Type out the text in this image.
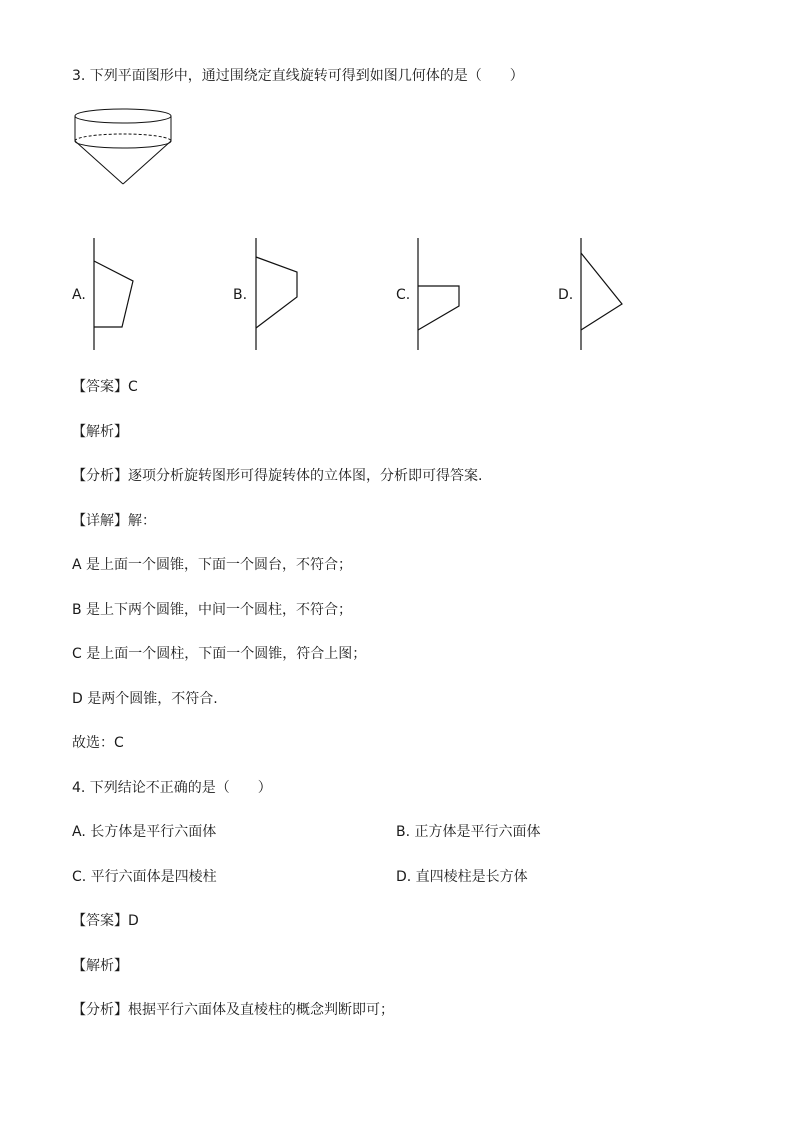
3. 下列平面图形中，通过围绕定直线旋转可得到如图几何体的是（　　）
A.	B.	C.	D.
【答案】C
【解析】
【分析】逐项分析旋转图形可得旋转体的立体图，分析即可得答案.
【详解】解：
A 是上面一个圆锥，下面一个圆台，不符合；
B 是上下两个圆锥，中间一个圆柱，不符合；
C 是上面一个圆柱，下面一个圆锥，符合上图；
D 是两个圆锥，不符合.
故选：C
4. 下列结论不正确的是（　　）
A. 长方体是平行六面体	B. 正方体是平行六面体
C. 平行六面体是四棱柱	D. 直四棱柱是长方体
【答案】D
【解析】
【分析】根据平行六面体及直棱柱的概念判断即可；
